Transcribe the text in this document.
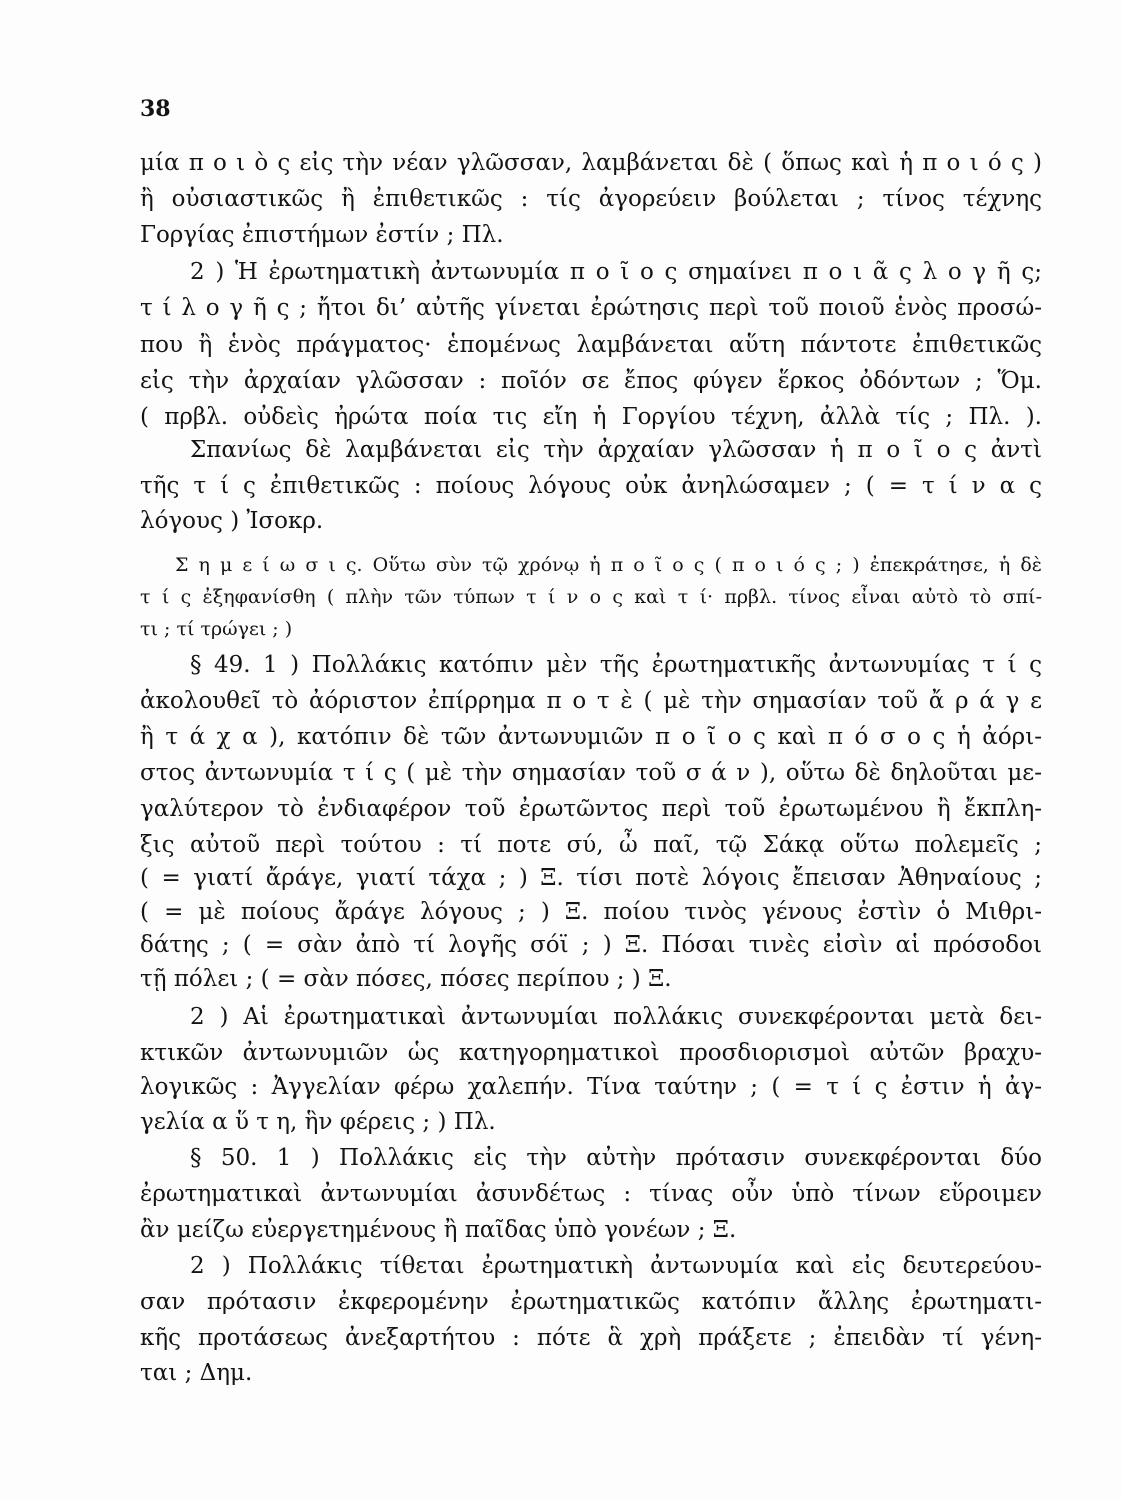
38
μία π ο ι ὸ ς εἰς τὴν νέαν γλῶσσαν, λαμβάνεται δὲ ( ὅπως καὶ ἡ π ο ι ό ς )
ἢ οὐσιαστικῶς ἢ ἐπιθετικῶς : τίς ἀγορεύειν βούλεται ; τίνος τέχνης
Γοργίας ἐπιστήμων ἐστίν ; Πλ.
2 ) Ἡ ἐρωτηματικὴ ἀντωνυμία π ο ῖ ο ς σημαίνει π ο ι ᾶ ς λ ο γ ῆ ς;
τ ί λ ο γ ῆ ς ; ἤτοι δι’ αὐτῆς γίνεται ἐρώτησις περὶ τοῦ ποιοῦ ἑνὸς προσώ-
που ἢ ἑνὸς πράγματος· ἑπομένως λαμβάνεται αὕτη πάντοτε ἐπιθετικῶς
εἰς τὴν ἀρχαίαν γλῶσσαν : ποῖόν σε ἔπος φύγεν ἕρκος ὀδόντων ; Ὅμ.
( πρβλ. οὐδεὶς ἠρώτα ποία τις εἴη ἡ Γοργίου τέχνη, ἀλλὰ τίς ; Πλ. ).
Σπανίως δὲ λαμβάνεται εἰς τὴν ἀρχαίαν γλῶσσαν ἡ π ο ῖ ο ς ἀντὶ
τῆς τ ί ς ἐπιθετικῶς : ποίους λόγους οὐκ ἀνηλώσαμεν ; ( = τ ί ν α ς
λόγους ) Ἰσοκρ.
Σ η μ ε ί ω σ ι ς. Οὕτω σὺν τῷ χρόνῳ ἡ π ο ῖ ο ς ( π ο ι ό ς ; ) ἐπεκράτησε, ἡ δὲ
τ ί ς ἐξηφανίσθη ( πλὴν τῶν τύπων τ ί ν ο ς καὶ τ ί· πρβλ. τίνος εἶναι αὐτὸ τὸ σπί-
τι ; τί τρώγει ; )
§ 49. 1 ) Πολλάκις κατόπιν μὲν τῆς ἐρωτηματικῆς ἀντωνυμίας τ ί ς
ἀκολουθεῖ τὸ ἀόριστον ἐπίρρημα π ο τ ὲ ( μὲ τὴν σημασίαν τοῦ ἄ ρ ά γ ε
ἢ τ ά χ α ), κατόπιν δὲ τῶν ἀντωνυμιῶν π ο ῖ ο ς καὶ π ό σ ο ς ἡ ἀόρι-
στος ἀντωνυμία τ ί ς ( μὲ τὴν σημασίαν τοῦ σ ά ν ), οὕτω δὲ δηλοῦται με-
γαλύτερον τὸ ἐνδιαφέρον τοῦ ἐρωτῶντος περὶ τοῦ ἐρωτωμένου ἢ ἔκπλη-
ξις αὐτοῦ περὶ τούτου : τί ποτε σύ, ὦ παῖ, τῷ Σάκᾳ οὕτω πολεμεῖς ;
( = γιατί ἄράγε, γιατί τάχα ; ) Ξ. τίσι ποτὲ λόγοις ἔπεισαν Ἀθηναίους ;
( = μὲ ποίους ἄράγε λόγους ; ) Ξ. ποίου τινὸς γένους ἐστὶν ὁ Μιθρι-
δάτης ; ( = σὰν ἀπὸ τί λογῆς σόϊ ; ) Ξ. Πόσαι τινὲς εἰσὶν αἱ πρόσοδοι
τῇ πόλει ; ( = σὰν πόσες, πόσες περίπου ; ) Ξ.
2 ) Αἱ ἐρωτηματικαὶ ἀντωνυμίαι πολλάκις συνεκφέρονται μετὰ δει-
κτικῶν ἀντωνυμιῶν ὡς κατηγορηματικοὶ προσδιορισμοὶ αὐτῶν βραχυ-
λογικῶς : Ἀγγελίαν φέρω χαλεπήν. Τίνα ταύτην ; ( = τ ί ς ἐστιν ἡ ἀγ-
γελία α ὕ τ η, ἣν φέρεις ; ) Πλ.
§ 50. 1 ) Πολλάκις εἰς τὴν αὐτὴν πρότασιν συνεκφέρονται δύο
ἐρωτηματικαὶ ἀντωνυμίαι ἀσυνδέτως : τίνας οὖν ὑπὸ τίνων εὕροιμεν
ἂν μείζω εὐεργετημένους ἢ παῖδας ὑπὸ γονέων ; Ξ.
2 ) Πολλάκις τίθεται ἐρωτηματικὴ ἀντωνυμία καὶ εἰς δευτερεύου-
σαν πρότασιν ἐκφερομένην ἐρωτηματικῶς κατόπιν ἄλλης ἐρωτηματι-
κῆς προτάσεως ἀνεξαρτήτου : πότε ἃ χρὴ πράξετε ; ἐπειδὰν τί γένη-
ται ; Δημ.
